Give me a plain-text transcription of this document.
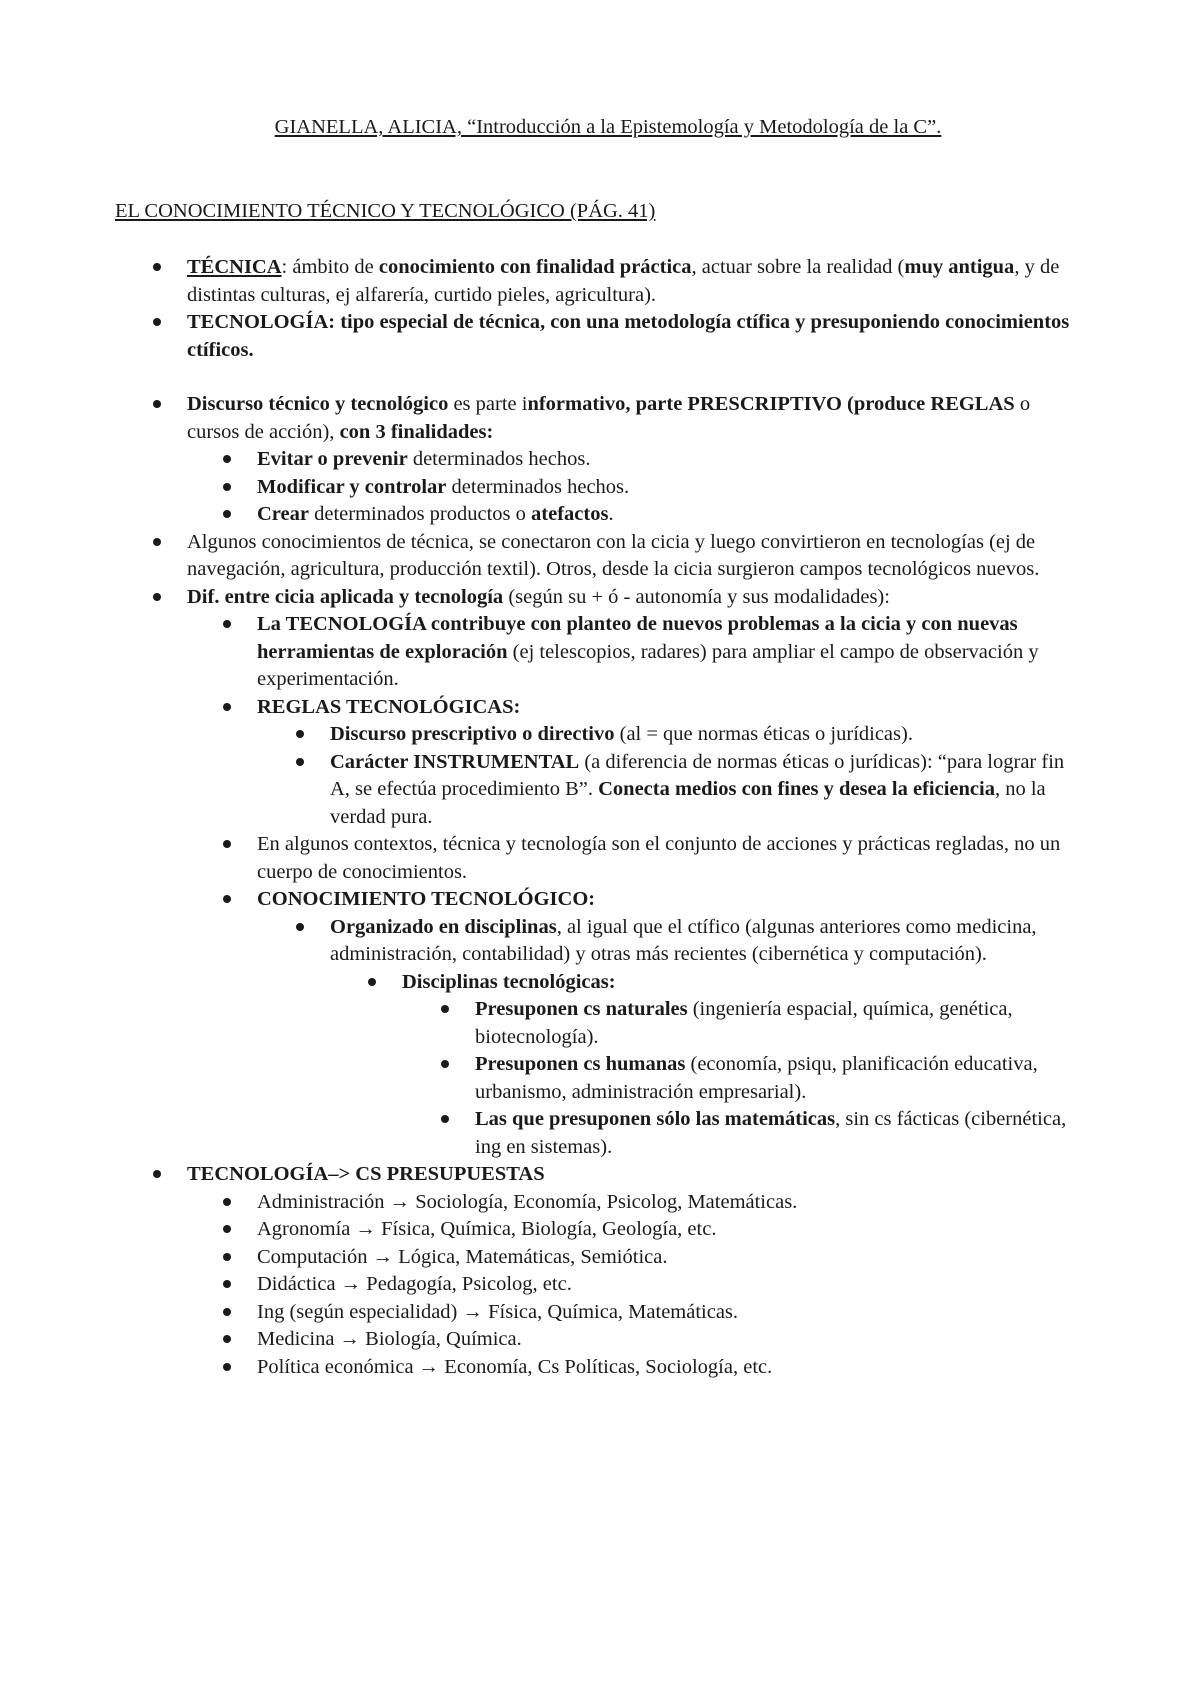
GIANELLA, ALICIA, “Introducción a la Epistemología y Metodología de la C”.
EL CONOCIMIENTO TÉCNICO Y TECNOLÓGICO (PÁG. 41)
TÉCNICA: ámbito de conocimiento con finalidad práctica, actuar sobre la realidad (muy antigua, y de distintas culturas, ej alfarería, curtido pieles, agricultura).
TECNOLOGÍA: tipo especial de técnica, con una metodología ctífica y presuponiendo conocimientos ctíficos.
Discurso técnico y tecnológico es parte informativo, parte PRESCRIPTIVO (produce REGLAS o cursos de acción), con 3 finalidades:
Evitar o prevenir determinados hechos.
Modificar y controlar determinados hechos.
Crear determinados productos o atefactos.
Algunos conocimientos de técnica, se conectaron con la cicia y luego convirtieron en tecnologías (ej de navegación, agricultura, producción textil). Otros, desde la cicia surgieron campos tecnológicos nuevos.
Dif. entre cicia aplicada y tecnología (según su + ó - autonomía y sus modalidades):
La TECNOLOGÍA contribuye con planteo de nuevos problemas a la cicia y con nuevas herramientas de exploración (ej telescopios, radares) para ampliar el campo de observación y experimentación.
REGLAS TECNOLÓGICAS:
Discurso prescriptivo o directivo (al = que normas éticas o jurídicas).
Carácter INSTRUMENTAL (a diferencia de normas éticas o jurídicas): “para lograr fin A, se efectúa procedimiento B”. Conecta medios con fines y desea la eficiencia, no la verdad pura.
En algunos contextos, técnica y tecnología son el conjunto de acciones y prácticas regladas, no un cuerpo de conocimientos.
CONOCIMIENTO TECNOLÓGICO:
Organizado en disciplinas, al igual que el ctífico (algunas anteriores como medicina, administración, contabilidad) y otras más recientes (cibernética y computación).
Disciplinas tecnológicas:
Presuponen cs naturales (ingeniería espacial, química, genética, biotecnología).
Presuponen cs humanas (economía, psiqu, planificación educativa, urbanismo, administración empresarial).
Las que presuponen sólo las matemáticas, sin cs fácticas (cibernética, ing en sistemas).
TECNOLOGÍA–> CS PRESUPUESTAS
Administración → Sociología, Economía, Psicolog, Matemáticas.
Agronomía → Física, Química, Biología, Geología, etc.
Computación → Lógica, Matemáticas, Semiótica.
Didáctica → Pedagogía, Psicolog, etc.
Ing (según especialidad) → Física, Química, Matemáticas.
Medicina → Biología, Química.
Política económica → Economía, Cs Políticas, Sociología, etc.
